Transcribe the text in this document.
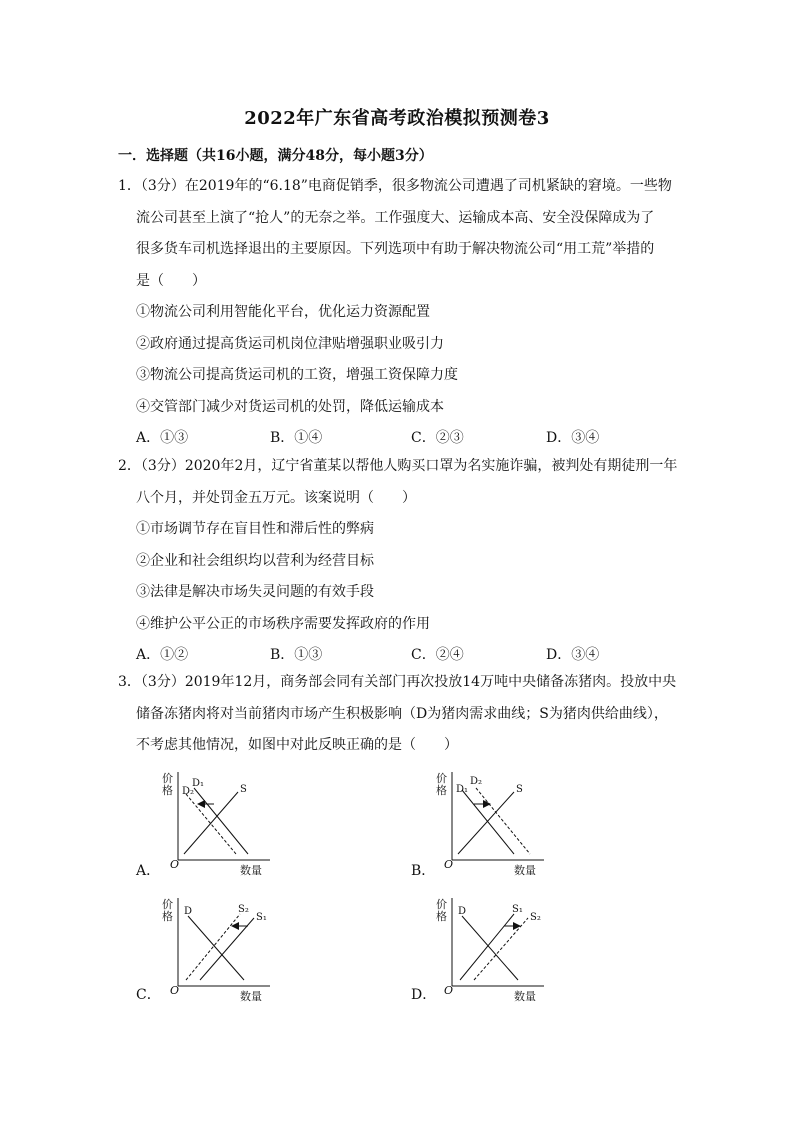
2022年广东省高考政治模拟预测卷3
一．选择题（共16小题，满分48分，每小题3分）
1．（3分）在2019年的“6.18”电商促销季，很多物流公司遭遇了司机紧缺的窘境。一些物
流公司甚至上演了“抢人”的无奈之举。工作强度大、运输成本高、安全没保障成为了
很多货车司机选择退出的主要原因。下列选项中有助于解决物流公司“用工荒”举措的
是（　　）
①物流公司利用智能化平台，优化运力资源配置
②政府通过提高货运司机岗位津贴增强职业吸引力
③物流公司提高货运司机的工资，增强工资保障力度
④交管部门减少对货运司机的处罚，降低运输成本
A．①③	B．①④	C．②③	D．③④
2．（3分）2020年2月，辽宁省董某以帮他人购买口罩为名实施诈骗，被判处有期徒刑一年
八个月，并处罚金五万元。该案说明（　　）
①市场调节存在盲目性和滞后性的弊病
②企业和社会组织均以营利为经营目标
③法律是解决市场失灵问题的有效手段
④维护公平公正的市场秩序需要发挥政府的作用
A．①②	B．①③	C．②④	D．③④
3．（3分）2019年12月，商务部会同有关部门再次投放14万吨中央储备冻猪肉。投放中央
储备冻猪肉将对当前猪肉市场产生积极影响（D为猪肉需求曲线；S为猪肉供给曲线），
不考虑其他情况，如图中对此反映正确的是（　　）
A．
价
格
O	数量
D₁
D₂	S
B．
价
格
O	数量
D₁
D₂
S
C．
价
格
O	数量
D	S₂
S₁
D．
价
格
O	数量
D	S₁
S₂
